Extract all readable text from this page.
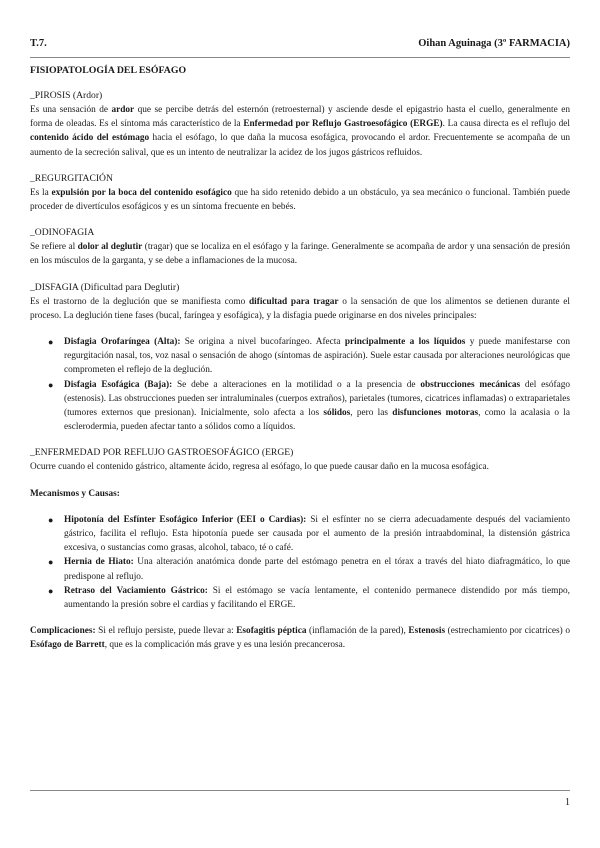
T.7.	Oihan Aguinaga (3º FARMACIA)
FISIOPATOLOGÍA DEL ESÓFAGO

_PIROSIS (Ardor)

Es una sensación de ardor que se percibe detrás del esternón (retroesternal) y asciende desde el epigastrio hasta el cuello, generalmente en forma de oleadas. Es el síntoma más característico de la Enfermedad por Reflujo Gastroesofágico (ERGE). La causa directa es el reflujo del contenido ácido del estómago hacia el esófago, lo que daña la mucosa esofágica, provocando el ardor. Frecuentemente se acompaña de un aumento de la secreción salival, que es un intento de neutralizar la acidez de los jugos gástricos refluidos.

_REGURGITACIÓN

Es la expulsión por la boca del contenido esofágico que ha sido retenido debido a un obstáculo, ya sea mecánico o funcional. También puede proceder de divertículos esofágicos y es un síntoma frecuente en bebés.

_ODINOFAGIA

Se refiere al dolor al deglutir (tragar) que se localiza en el esófago y la faringe. Generalmente se acompaña de ardor y una sensación de presión en los músculos de la garganta, y se debe a inflamaciones de la mucosa.

_DISFAGIA (Dificultad para Deglutir)

Es el trastorno de la deglución que se manifiesta como dificultad para tragar o la sensación de que los alimentos se detienen durante el proceso. La deglución tiene fases (bucal, faríngea y esofágica), y la disfagia puede originarse en dos niveles principales:

● Disfagia Orofaríngea (Alta): Se origina a nivel bucofaríngeo. Afecta principalmente a los líquidos y puede manifestarse con regurgitación nasal, tos, voz nasal o sensación de ahogo (síntomas de aspiración). Suele estar causada por alteraciones neurológicas que comprometen el reflejo de la deglución.
● Disfagia Esofágica (Baja): Se debe a alteraciones en la motilidad o a la presencia de obstrucciones mecánicas del esófago (estenosis). Las obstrucciones pueden ser intraluminales (cuerpos extraños), parietales (tumores, cicatrices inflamadas) o extraparietales (tumores externos que presionan). Inicialmente, solo afecta a los sólidos, pero las disfunciones motoras, como la acalasia o la esclerodermia, pueden afectar tanto a sólidos como a líquidos.

_ENFERMEDAD POR REFLUJO GASTROESOFÁGICO (ERGE)

Ocurre cuando el contenido gástrico, altamente ácido, regresa al esófago, lo que puede causar daño en la mucosa esofágica.

Mecanismos y Causas:

● Hipotonía del Esfínter Esofágico Inferior (EEI o Cardias): Si el esfínter no se cierra adecuadamente después del vaciamiento gástrico, facilita el reflujo. Esta hipotonía puede ser causada por el aumento de la presión intraabdominal, la distensión gástrica excesiva, o sustancias como grasas, alcohol, tabaco, té o café.
● Hernia de Hiato: Una alteración anatómica donde parte del estómago penetra en el tórax a través del hiato diafragmático, lo que predispone al reflujo.
● Retraso del Vaciamiento Gástrico: Si el estómago se vacía lentamente, el contenido permanece distendido por más tiempo, aumentando la presión sobre el cardias y facilitando el ERGE.

Complicaciones: Si el reflujo persiste, puede llevar a: Esofagitis péptica (inflamación de la pared), Estenosis (estrechamiento por cicatrices) o Esófago de Barrett, que es la complicación más grave y es una lesión precancerosa.

1
